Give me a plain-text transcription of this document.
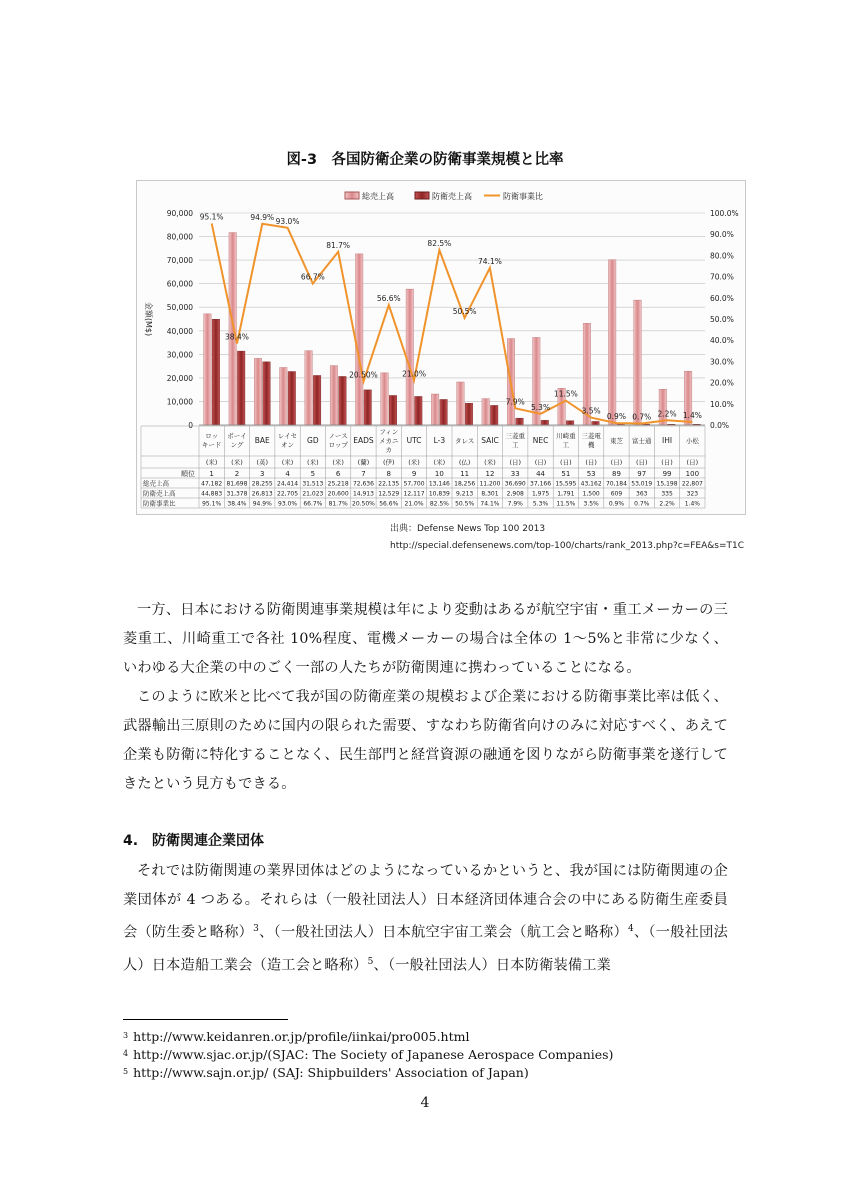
図-3　各国防衛企業の防衛事業規模と比率
総売上高	防衛売上高	防衛事業比
0
10,000
20,000
30,000
40,000
50,000
60,000
70,000
80,000
90,000
0.0%
10.0%
20.0%
30.0%
40.0%
50.0%
60.0%
70.0%
80.0%
90.0%
100.0%
金額(M$)
95.1%
38.4%
94.9% 93.0%
66.7%
81.7%
20.50%
56.6%
21.0%
82.5%
50.5%
74.1%
7.9%
5.3%
11.5%
3.5%
0.9% 0.7% 2.2% 1.4%
順位
総売上高
防衛売上高
防衛事業比
ロッ
キード
(米)
1
47,182
44,883
95.1%
ボーイ
ング
(米)
2
81,698
31,378
38.4%
BAE
(英)
3
28,255
26,813
94.9%
レイセ
オン
(米)
4
24,414
22,705
93.0%
GD
(米)
5
31,513
21,023
66.7%
ノース
ロップ
(米)
6
25,218
20,600
81.7%
EADS
(蘭)
7
72,636
14,913
20.50%
フィン
メカニ
カ
(伊)
8
22,135
12,529
56.6%
UTC
(米)
9
57,700
12,117
21.0%
L-3
(米)
10
13,146
10,839
82.5%
タレス
(仏)
11
18,256
9,213
50.5%
SAIC
(米)
12
11,200
8,301
74.1%
三菱重
工
(日)
33
36,690
2,908
7.9%
NEC
(日)
44
37,166
1,975
5.3%
川崎重
工
(日)
51
15,595
1,791
11.5%
三菱電
機
(日)
53
43,162
1,500
3.5%
東芝
(日)
89
70,184
609
0.9%
富士通
(日)
97
53,019
363
0.7%
IHI
(日)
99
15,198
335
2.2%
小松
(日)
100
22,807
323
1.4%
出典：Defense News Top 100 2013
http://special.defensenews.com/top-100/charts/rank_2013.php?c=FEA&s=T1C
一方、日本における防衛関連事業規模は年により変動はあるが航空宇宙・重工メーカーの三菱重工、川崎重工で各社 10%程度、電機メーカーの場合は全体の 1～5%と非常に少なく、いわゆる大企業の中のごく一部の人たちが防衛関連に携わっていることになる。
このように欧米と比べて我が国の防衛産業の規模および企業における防衛事業比率は低く、武器輸出三原則のために国内の限られた需要、すなわち防衛省向けのみに対応すべく、あえて企業も防衛に特化することなく、民生部門と経営資源の融通を図りながら防衛事業を遂行してきたという見方もできる。
4.　防衛関連企業団体
それでは防衛関連の業界団体はどのようになっているかというと、我が国には防衛関連の企業団体が 4 つある。それらは（一般社団法人）日本経済団体連合会の中にある防衛生産委員会（防生委と略称）$^3$、（一般社団法人）日本航空宇宙工業会（航工会と略称）$^4$、（一般社団法人）日本造船工業会（造工会と略称）$^5$、（一般社団法人）日本防衛装備工業
$^3$ http://www.keidanren.or.jp/profile/iinkai/pro005.html
$^4$ http://www.sjac.or.jp/(SJAC: The Society of Japanese Aerospace Companies)
$^5$ http://www.sajn.or.jp/ (SAJ: Shipbuilders' Association of Japan)
4
